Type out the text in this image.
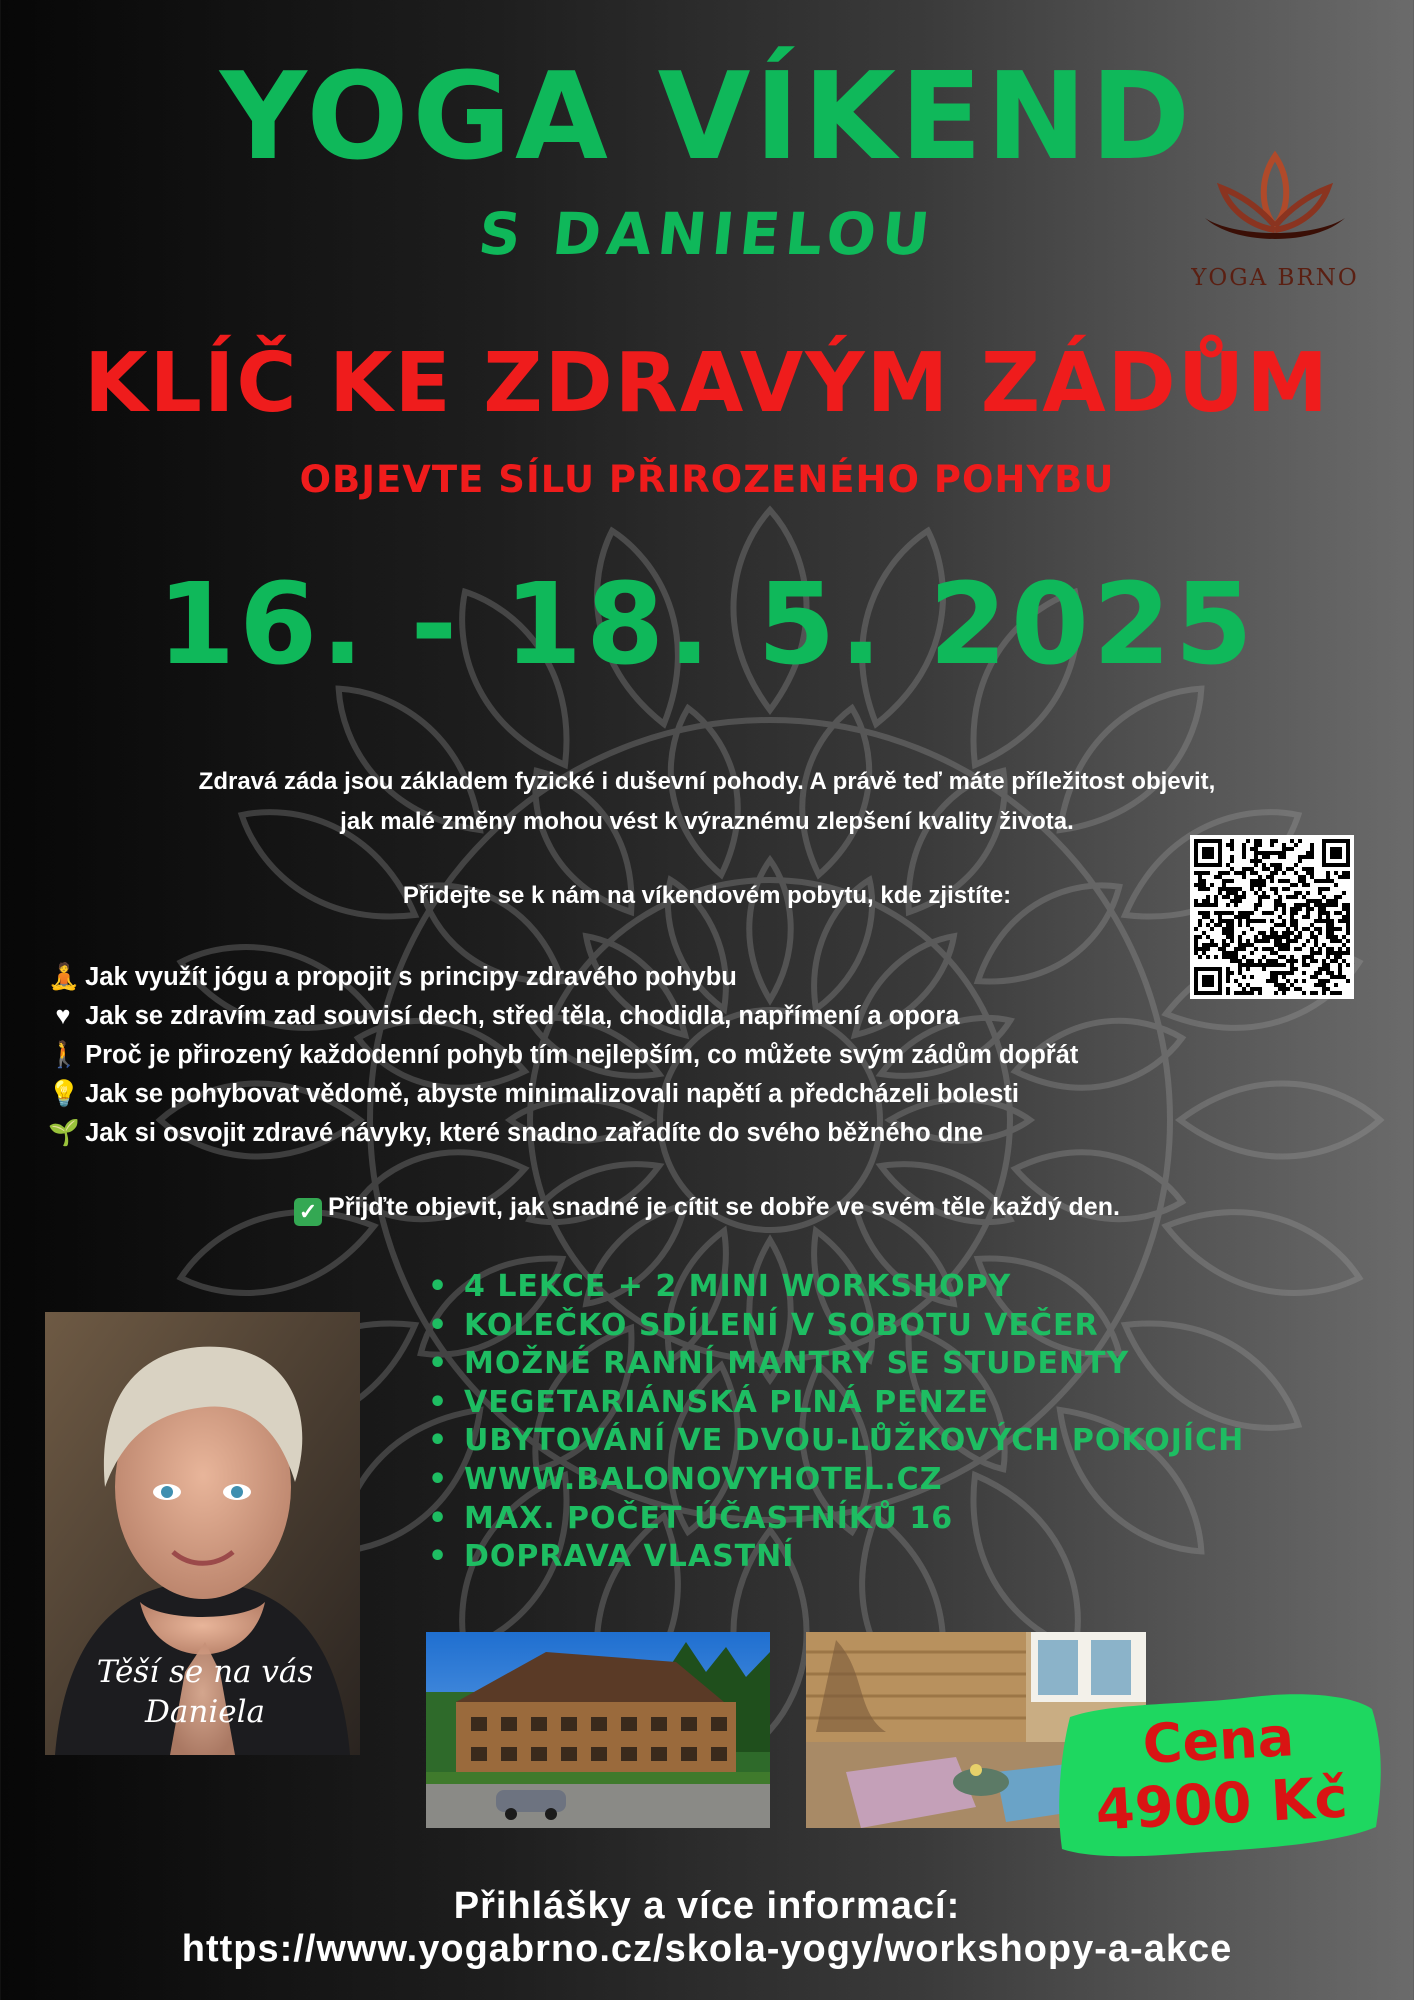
YOGA VÍKEND
S DANIELOU
YOGA BRNO
KLÍČ KE ZDRAVÝM ZÁDŮM
OBJEVTE SÍLU PŘIROZENÉHO POHYBU
16. - 18. 5. 2025
Zdravá záda jsou základem fyzické i duševní pohody. A právě teď máte příležitost objevit,
jak malé změny mohou vést k výraznému zlepšení kvality života.
Přidejte se k nám na víkendovém pobytu, kde zjistíte:
🧘 Jak využít jógu a propojit s principy zdravého pohybu
♥ Jak se zdravím zad souvisí dech, střed těla, chodidla, napřímení a opora
🚶 Proč je přirozený každodenní pohyb tím nejlepším, co můžete svým zádům dopřát
💡 Jak se pohybovat vědomě, abyste minimalizovali napětí a předcházeli bolesti
🌱 Jak si osvojit zdravé návyky, které snadno zařadíte do svého běžného dne
✓ Přijďte objevit, jak snadné je cítit se dobře ve svém těle každý den.
• 4 LEKCE + 2 MINI WORKSHOPY
• KOLEČKO SDÍLENÍ V SOBOTU VEČER
• MOŽNÉ RANNÍ MANTRY SE STUDENTY
• VEGETARIÁNSKÁ PLNÁ PENZE
• UBYTOVÁNÍ VE DVOU-LŮŽKOVÝCH POKOJÍCH
• WWW.BALONOVYHOTEL.CZ
• MAX. POČET ÚČASTNÍKŮ 16
• DOPRAVA VLASTNÍ
Těší se na vás
Daniela	Cena
4900 Kč
Přihlášky a více informací:
https://www.yogabrno.cz/skola-yogy/workshopy-a-akce
